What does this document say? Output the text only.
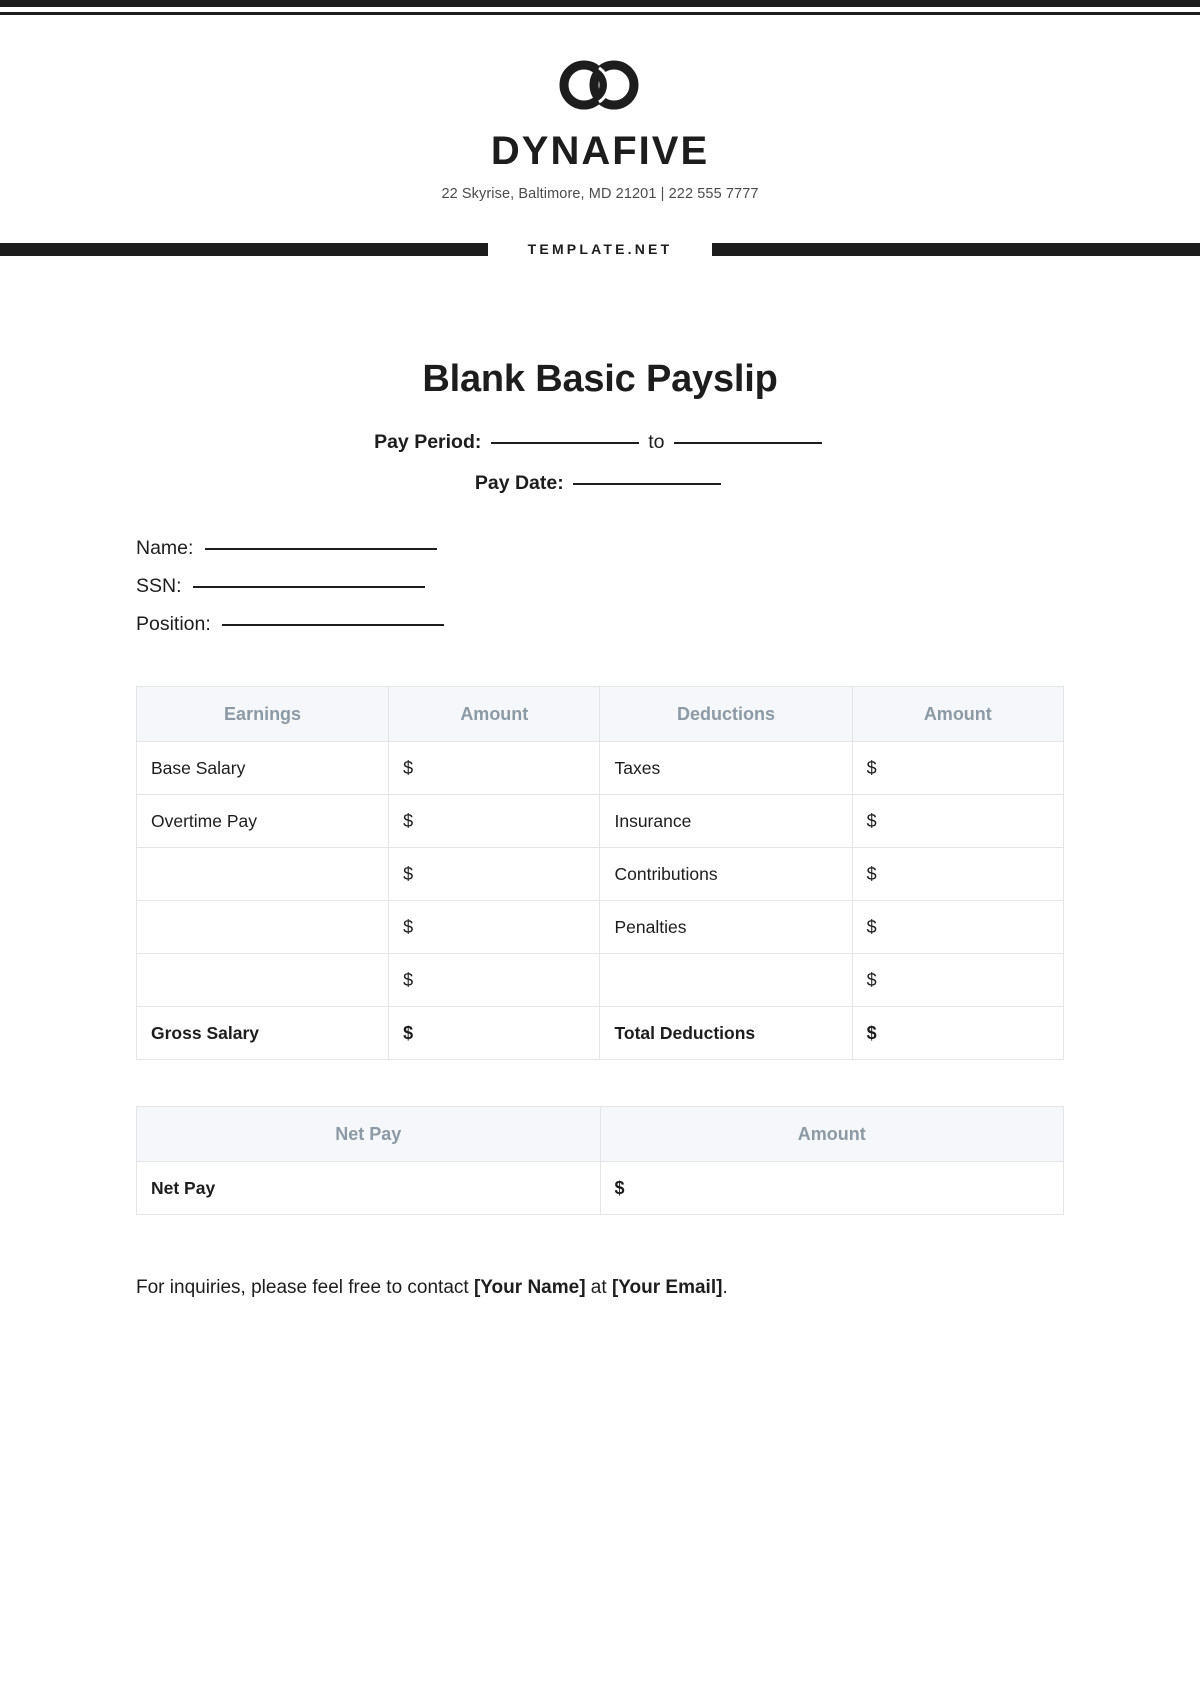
DYNAFIVE
22 Skyrise, Baltimore, MD 21201 | 222 555 7777
TEMPLATE.NET
Blank Basic Payslip
Pay Period:	to
Pay Date:
Name:
SSN:
Position:
Earnings	Amount	Deductions	Amount
Base Salary	$	Taxes	$
Overtime Pay	$	Insurance	$
	$	Contributions	$
	$	Penalties	$
	$		$
Gross Salary	$	Total Deductions	$
Net Pay	Amount
Net Pay	$
For inquiries, please feel free to contact [Your Name] at [Your Email].
